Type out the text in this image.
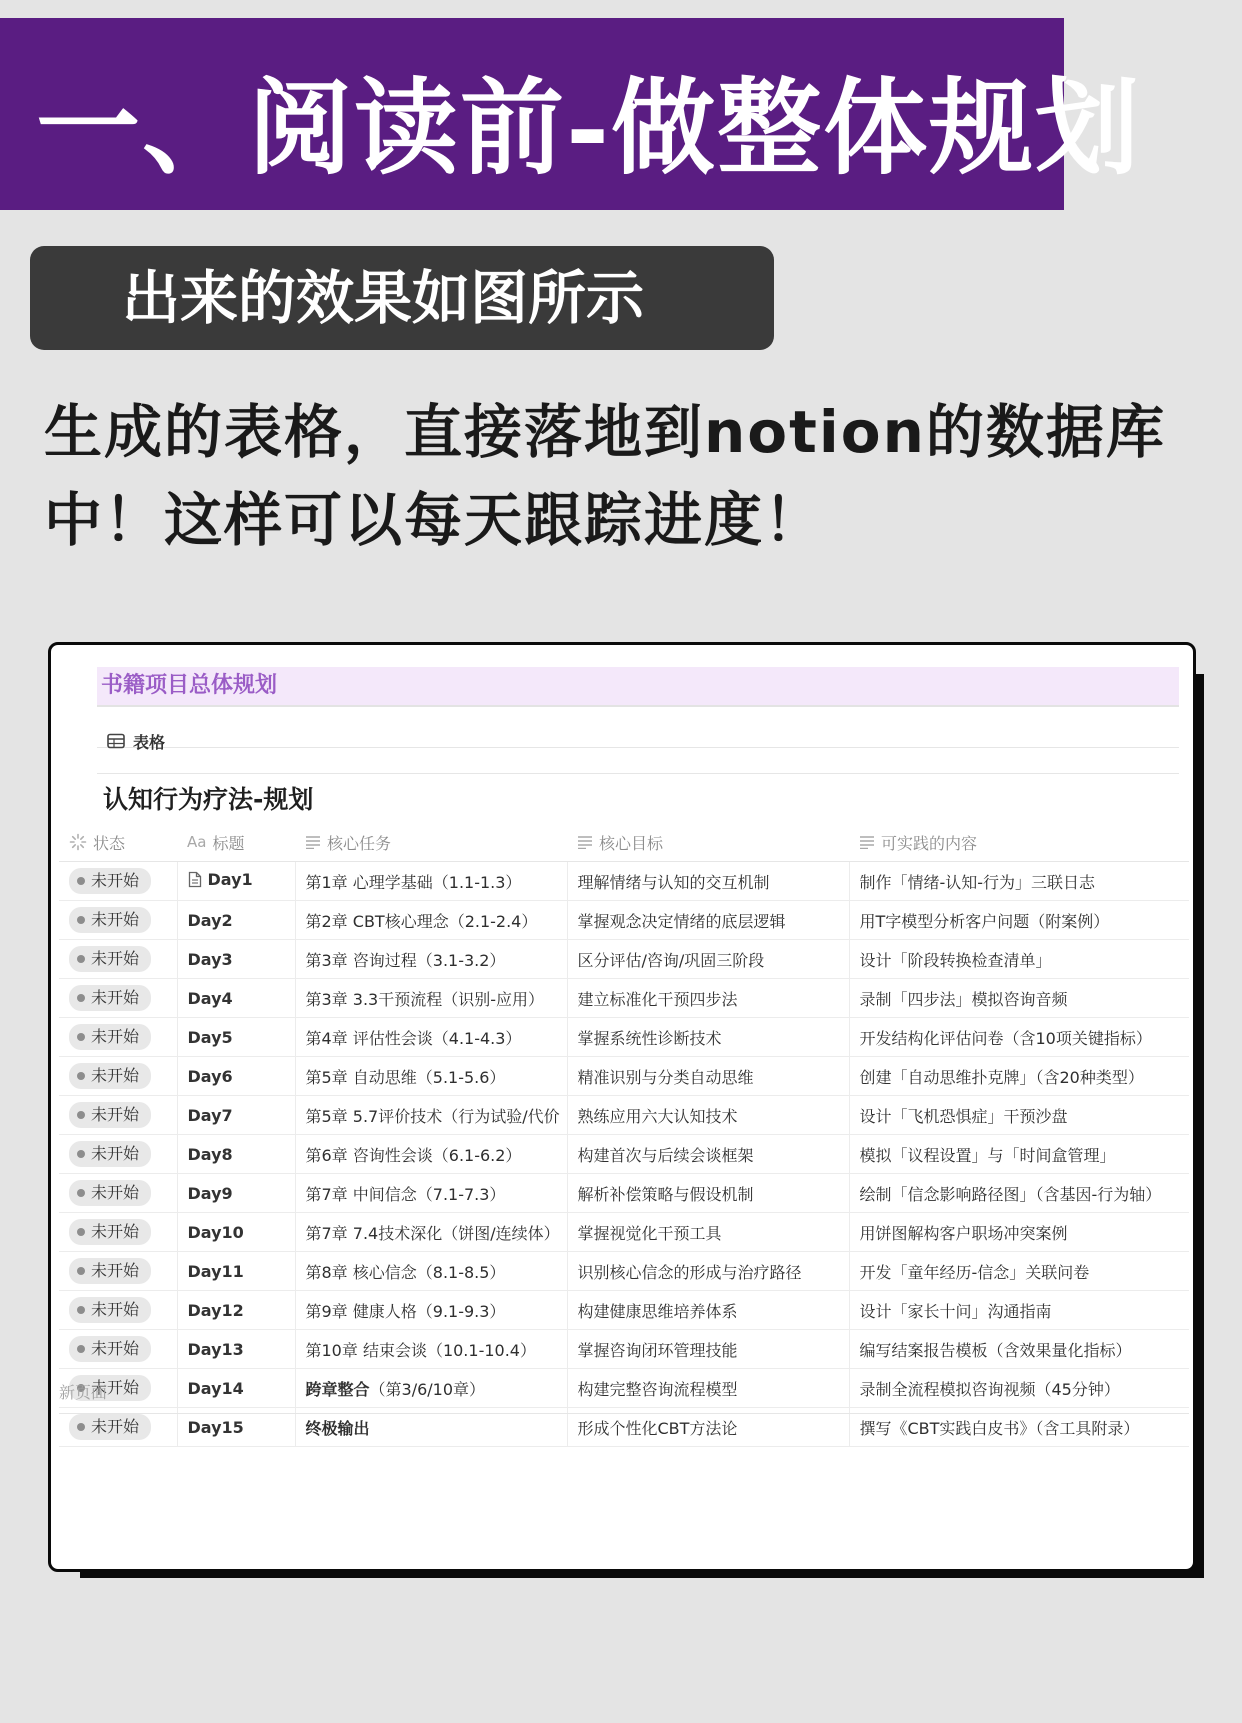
一、阅读前-做整体规划
出来的效果如图所示
生成的表格，直接落地到notion的数据库中！这样可以每天跟踪进度！
书籍项目总体规划
表格
认知行为疗法-规划
状态	Aa 标题	核心任务	核心目标	可实践的内容

未开始	Day1	第1章 心理学基础（1.1-1.3）	理解情绪与认知的交互机制	制作「情绪-认知-行为」三联日志

未开始	Day2	第2章 CBT核心理念（2.1-2.4）	掌握观念决定情绪的底层逻辑	用T字模型分析客户问题（附案例）

未开始	Day3	第3章 咨询过程（3.1-3.2）	区分评估/咨询/巩固三阶段	设计「阶段转换检查清单」

未开始	Day4	第3章 3.3干预流程（识别-应用）	建立标准化干预四步法	录制「四步法」模拟咨询音频

未开始	Day5	第4章 评估性会谈（4.1-4.3）	掌握系统性诊断技术	开发结构化评估问卷（含10项关键指标）

未开始	Day6	第5章 自动思维（5.1-5.6）	精准识别与分类自动思维	创建「自动思维扑克牌」（含20种类型）

未开始	Day7	第5章 5.7评价技术（行为试验/代价	熟练应用六大认知技术	设计「飞机恐惧症」干预沙盘

未开始	Day8	第6章 咨询性会谈（6.1-6.2）	构建首次与后续会谈框架	模拟「议程设置」与「时间盒管理」

未开始	Day9	第7章 中间信念（7.1-7.3）	解析补偿策略与假设机制	绘制「信念影响路径图」（含基因-行为轴）

未开始	Day10	第7章 7.4技术深化（饼图/连续体）	掌握视觉化干预工具	用饼图解构客户职场冲突案例

未开始	Day11	第8章 核心信念（8.1-8.5）	识别核心信念的形成与治疗路径	开发「童年经历-信念」关联问卷

未开始	Day12	第9章 健康人格（9.1-9.3）	构建健康思维培养体系	设计「家长十问」沟通指南

未开始	Day13	第10章 结束会谈（10.1-10.4）	掌握咨询闭环管理技能	编写结案报告模板（含效果量化指标）

未开始	Day14	跨章整合（第3/6/10章）	构建完整咨询流程模型	录制全流程模拟咨询视频（45分钟）

未开始	Day15	终极输出	形成个性化CBT方法论	撰写《CBT实践白皮书》（含工具附录）
新页面
